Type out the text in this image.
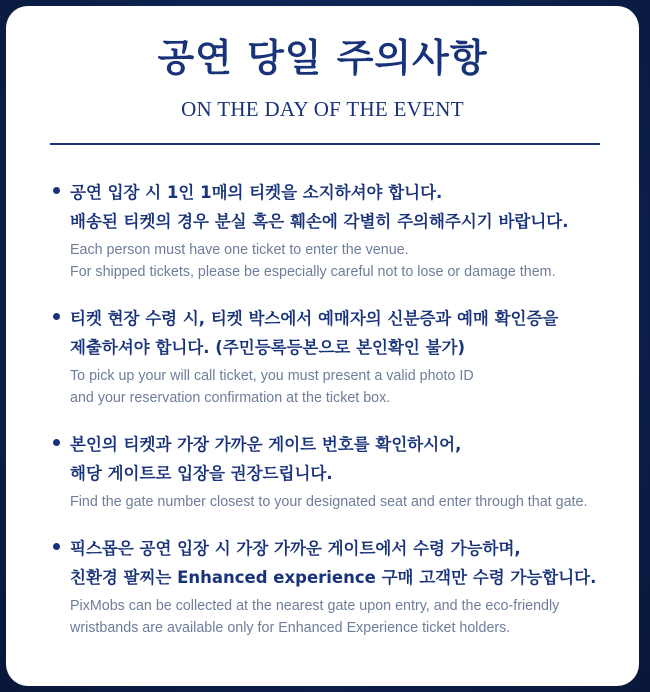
공연 당일 주의사항
ON THE DAY OF THE EVENT
공연 입장 시 1인 1매의 티켓을 소지하셔야 합니다.
배송된 티켓의 경우 분실 혹은 훼손에 각별히 주의해주시기 바랍니다.
Each person must have one ticket to enter the venue.
For shipped tickets, please be especially careful not to lose or damage them.
티켓 현장 수령 시, 티켓 박스에서 예매자의 신분증과 예매 확인증을
제출하셔야 합니다. (주민등록등본으로 본인확인 불가)
To pick up your will call ticket, you must present a valid photo ID
and your reservation confirmation at the ticket box.
본인의 티켓과 가장 가까운 게이트 번호를 확인하시어,
해당 게이트로 입장을 권장드립니다.
Find the gate number closest to your designated seat and enter through that gate.
픽스몹은 공연 입장 시 가장 가까운 게이트에서 수령 가능하며,
친환경 팔찌는 Enhanced experience 구매 고객만 수령 가능합니다.
PixMobs can be collected at the nearest gate upon entry, and the eco-friendly
wristbands are available only for Enhanced Experience ticket holders.
